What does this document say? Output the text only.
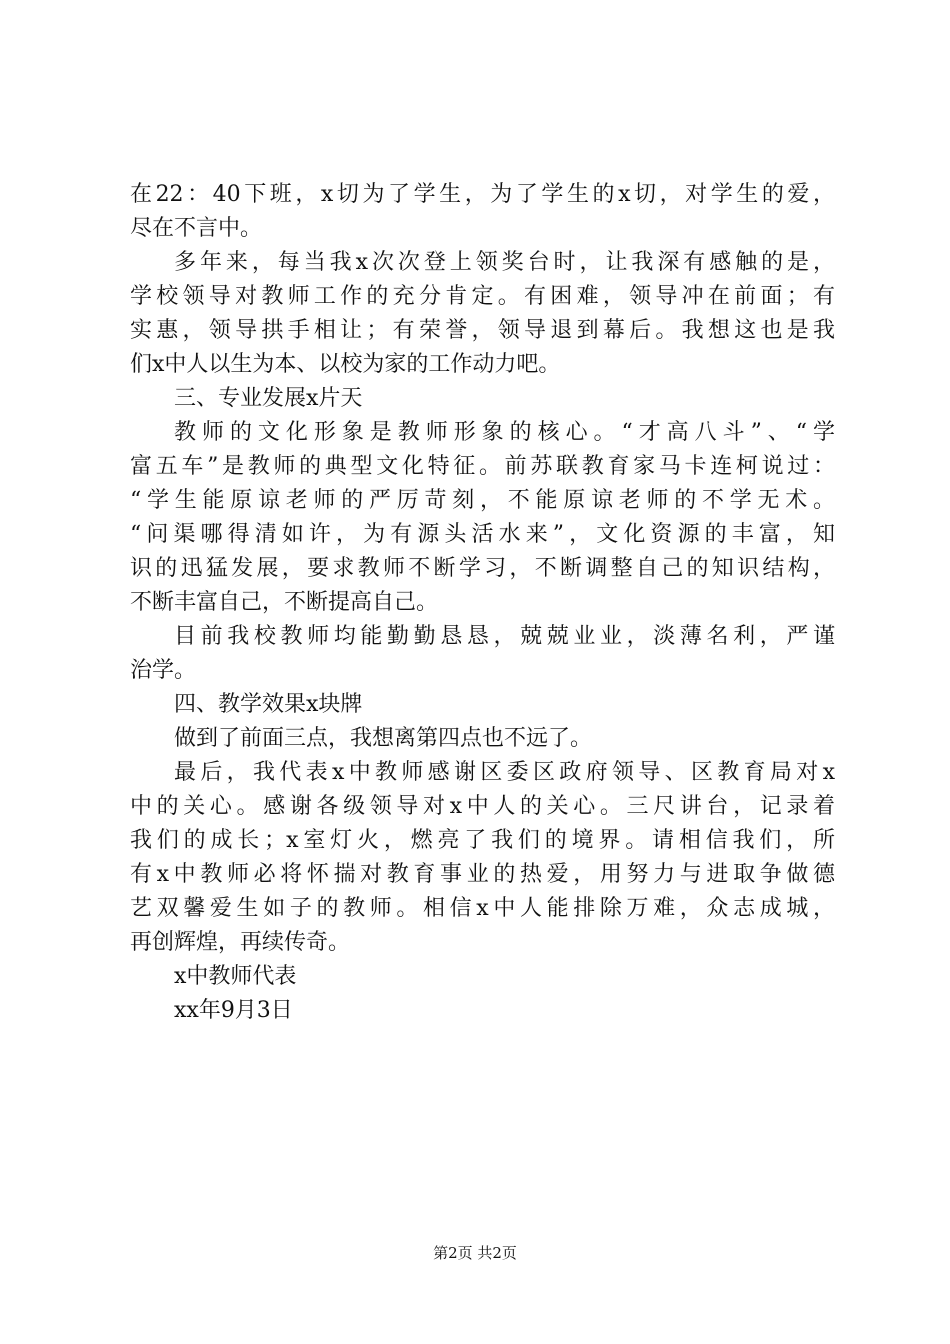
在22：40下班，x切为了学生，为了学生的x切，对学生的爱，
尽在不言中。
多年来，每当我x次次登上领奖台时，让我深有感触的是，
学校领导对教师工作的充分肯定。有困难，领导冲在前面；有
实惠，领导拱手相让；有荣誉，领导退到幕后。我想这也是我
们x中人以生为本、以校为家的工作动力吧。
三、专业发展x片天
教师的文化形象是教师形象的核心。“才高八斗”、“学
富五车”是教师的典型文化特征。前苏联教育家马卡连柯说过：
“学生能原谅老师的严厉苛刻，不能原谅老师的不学无术。
“问渠哪得清如许，为有源头活水来”，文化资源的丰富，知
识的迅猛发展，要求教师不断学习，不断调整自己的知识结构，
不断丰富自己，不断提高自己。
目前我校教师均能勤勤恳恳，兢兢业业，淡薄名利，严谨
治学。
四、教学效果x块牌
做到了前面三点，我想离第四点也不远了。
最后，我代表x中教师感谢区委区政府领导、区教育局对x
中的关心。感谢各级领导对x中人的关心。三尺讲台，记录着
我们的成长；x室灯火，燃亮了我们的境界。请相信我们，所
有x中教师必将怀揣对教育事业的热爱，用努力与进取争做德
艺双馨爱生如子的教师。相信x中人能排除万难，众志成城，
再创辉煌，再续传奇。
x中教师代表
xx年9月3日
第2页 共2页
